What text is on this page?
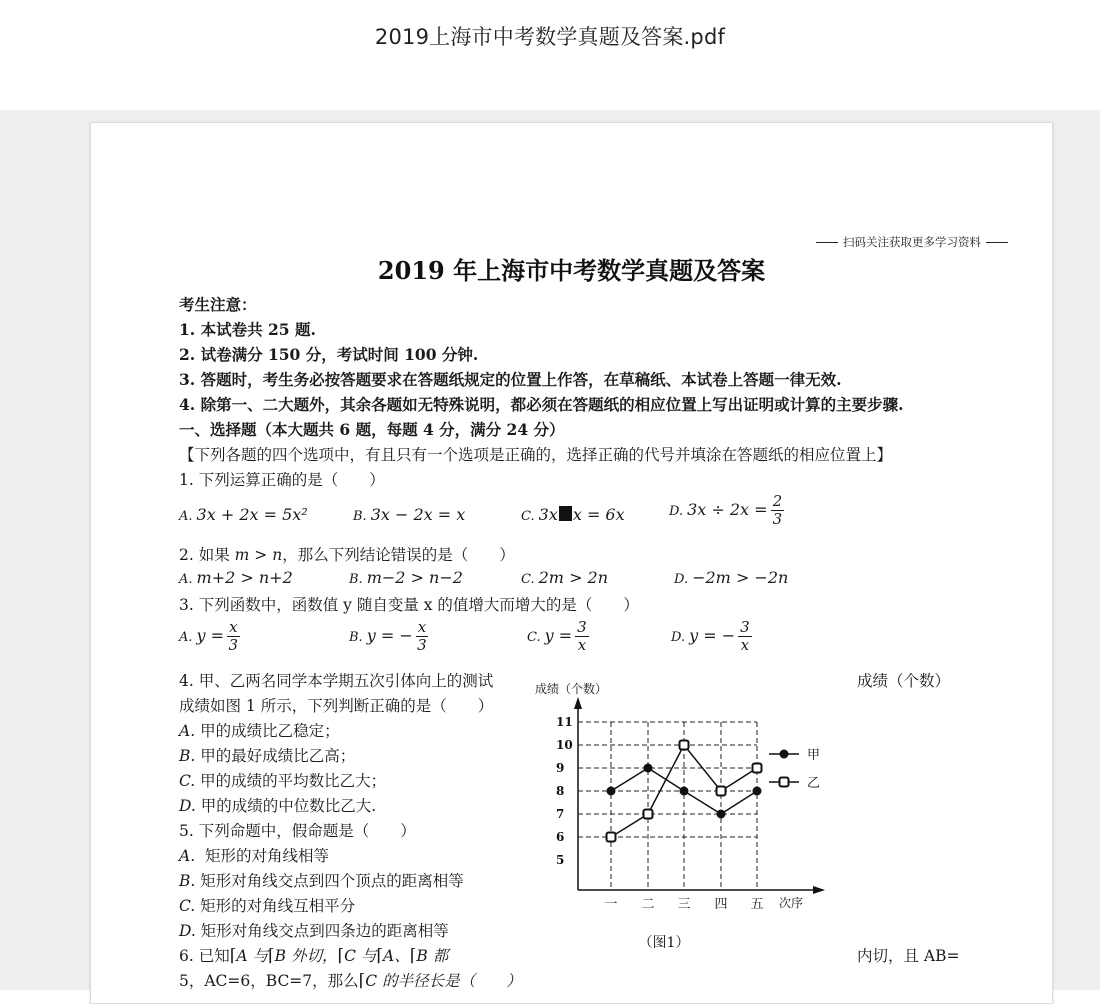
2019上海市中考数学真题及答案.pdf
扫码关注获取更多学习资料
2019 年上海市中考数学真题及答案
考生注意：
1. 本试卷共 25 题.
2. 试卷满分 150 分，考试时间 100 分钟.
3. 答题时，考生务必按答题要求在答题纸规定的位置上作答，在草稿纸、本试卷上答题一律无效.
4. 除第一、二大题外，其余各题如无特殊说明，都必须在答题纸的相应位置上写出证明或计算的主要步骤.
一、选择题（本大题共 6 题，每题 4 分，满分 24 分）
【下列各题的四个选项中，有且只有一个选项是正确的，选择正确的代号并填涂在答题纸的相应位置上】
1. 下列运算正确的是（　　）
A. 3x + 2x = 5x²	B. 3x − 2x = x	C. 3x x = 6x	D. $3x \div 2x = \frac{2}{3}$
2. 如果 m > n，那么下列结论错误的是（　　）
A. m+2 > n+2	B. m−2 > n−2	C. 2m > 2n	D. −2m > −2n
3. 下列函数中，函数值 y 随自变量 x 的值增大而增大的是（　　）
A. $y = \frac{x}{3}$	B. y = − $\frac{x}{3}$	C. $y = \frac{3}{x}$	D. y = − $\frac{3}{x}$
4. 甲、乙两名同学本学期五次引体向上的测试	成绩（个数）
成绩如图 1 所示，下列判断正确的是（　　）
A. 甲的成绩比乙稳定；
B. 甲的最好成绩比乙高；
C. 甲的成绩的平均数比乙大；
D. 甲的成绩的中位数比乙大.
5. 下列命题中，假命题是（　　）
A. 矩形的对角线相等
B. 矩形对角线交点到四个顶点的距离相等
C. 矩形的对角线互相平分
D. 矩形对角线交点到四条边的距离相等
6. 已知⌈A 与⌈B 外切，⌈C 与⌈A、⌈B 都	内切，且 AB=
5，AC=6，BC=7，那么⌈C 的半径长是（　　）
5
6
7
8
9
10
11
一 二 三 四 五
成绩（个数）
次序
（图1）
甲
乙
